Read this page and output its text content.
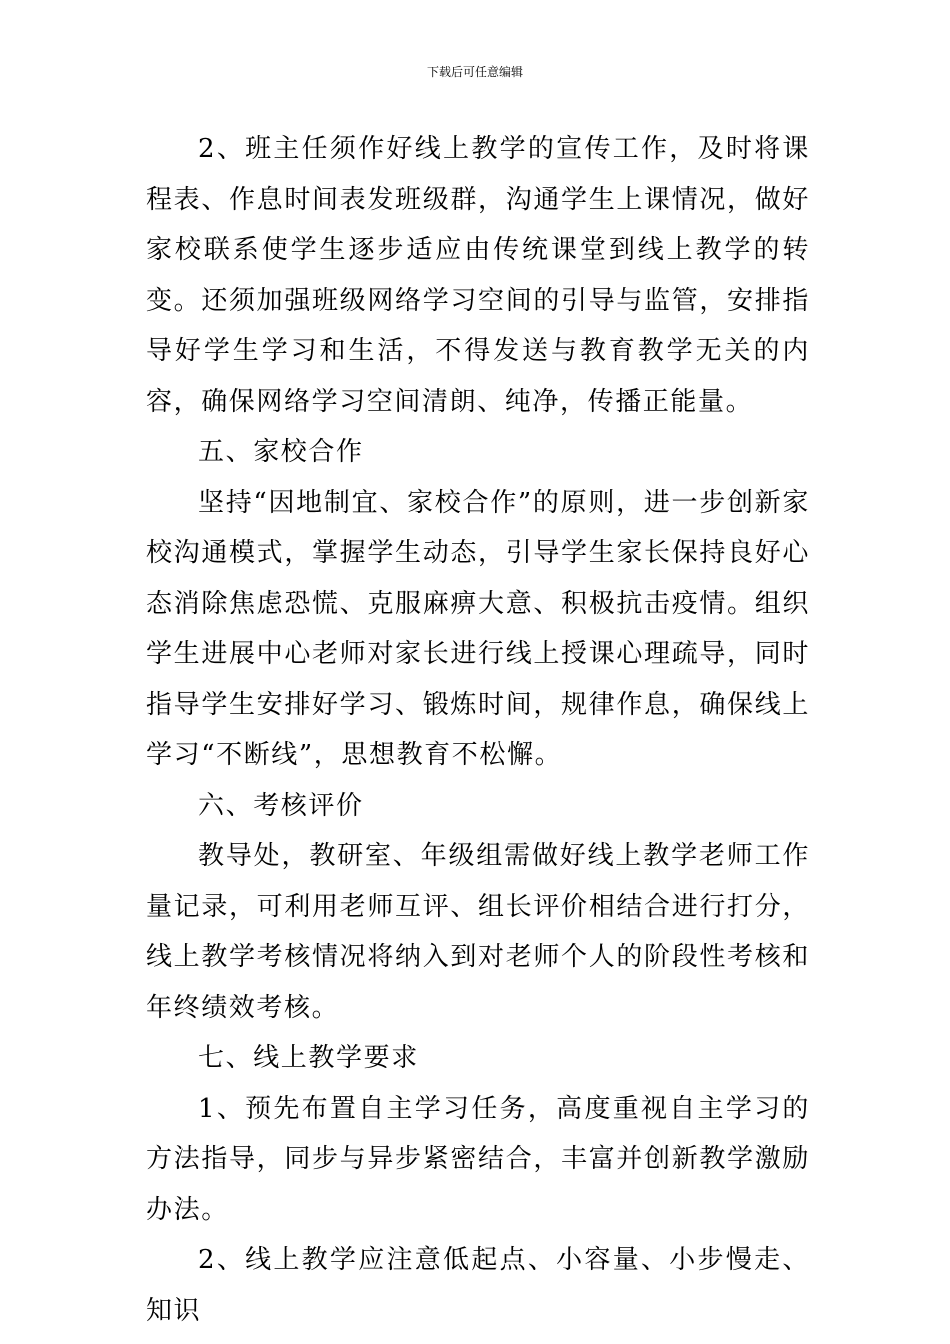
下载后可任意编辑

2、班主任须作好线上教学的宣传工作，及时将课程表、作息时间表发班级群，沟通学生上课情况，做好家校联系使学生逐步适应由传统课堂到线上教学的转变。还须加强班级网络学习空间的引导与监管，安排指导好学生学习和生活，不得发送与教育教学无关的内容，确保网络学习空间清朗、纯净，传播正能量。

五、家校合作

坚持“因地制宜、家校合作”的原则，进一步创新家校沟通模式，掌握学生动态，引导学生家长保持良好心态消除焦虑恐慌、克服麻痹大意、积极抗击疫情。组织学生进展中心老师对家长进行线上授课心理疏导，同时指导学生安排好学习、锻炼时间，规律作息，确保线上学习“不断线”，思想教育不松懈。

六、考核评价

教导处，教研室、年级组需做好线上教学老师工作量记录，可利用老师互评、组长评价相结合进行打分，线上教学考核情况将纳入到对老师个人的阶段性考核和年终绩效考核。

七、线上教学要求

1、预先布置自主学习任务，高度重视自主学习的方法指导，同步与异步紧密结合，丰富并创新教学激励办法。

2、线上教学应注意低起点、小容量、小步慢走、知识
